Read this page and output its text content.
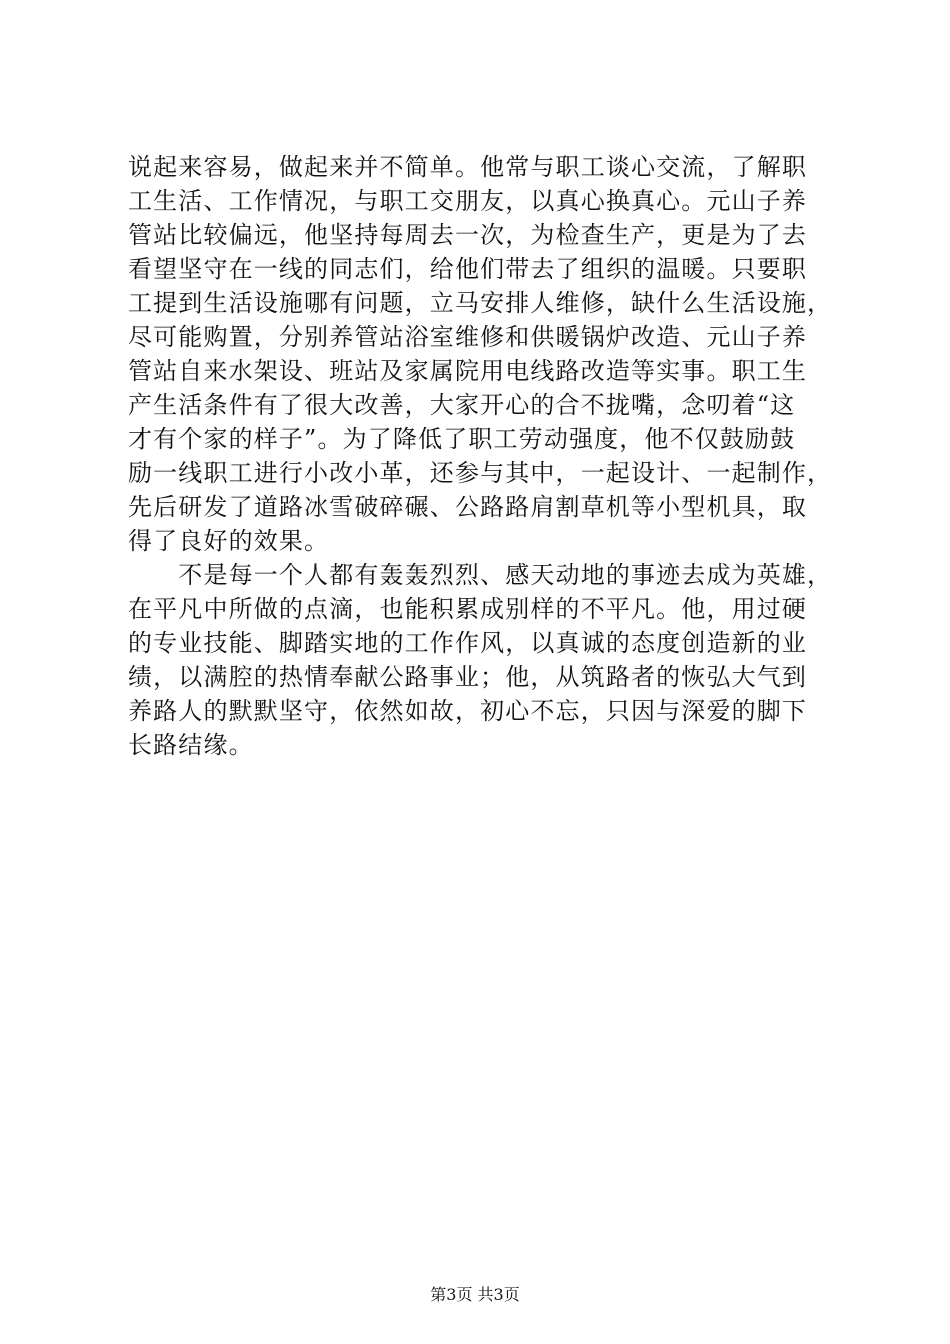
说起来容易，做起来并不简单。他常与职工谈心交流，了解职
工生活、工作情况，与职工交朋友，以真心换真心。元山子养
管站比较偏远，他坚持每周去一次，为检查生产，更是为了去
看望坚守在一线的同志们，给他们带去了组织的温暖。只要职
工提到生活设施哪有问题，立马安排人维修，缺什么生活设施，
尽可能购置，分别养管站浴室维修和供暖锅炉改造、元山子养
管站自来水架设、班站及家属院用电线路改造等实事。职工生
产生活条件有了很大改善，大家开心的合不拢嘴，念叨着“这
才有个家的样子”。为了降低了职工劳动强度，他不仅鼓励鼓
励一线职工进行小改小革，还参与其中，一起设计、一起制作，
先后研发了道路冰雪破碎碾、公路路肩割草机等小型机具，取
得了良好的效果。
　　不是每一个人都有轰轰烈烈、感天动地的事迹去成为英雄，
在平凡中所做的点滴，也能积累成别样的不平凡。他，用过硬
的专业技能、脚踏实地的工作作风，以真诚的态度创造新的业
绩，以满腔的热情奉献公路事业；他，从筑路者的恢弘大气到
养路人的默默坚守，依然如故，初心不忘，只因与深爱的脚下
长路结缘。
第3页 共3页
